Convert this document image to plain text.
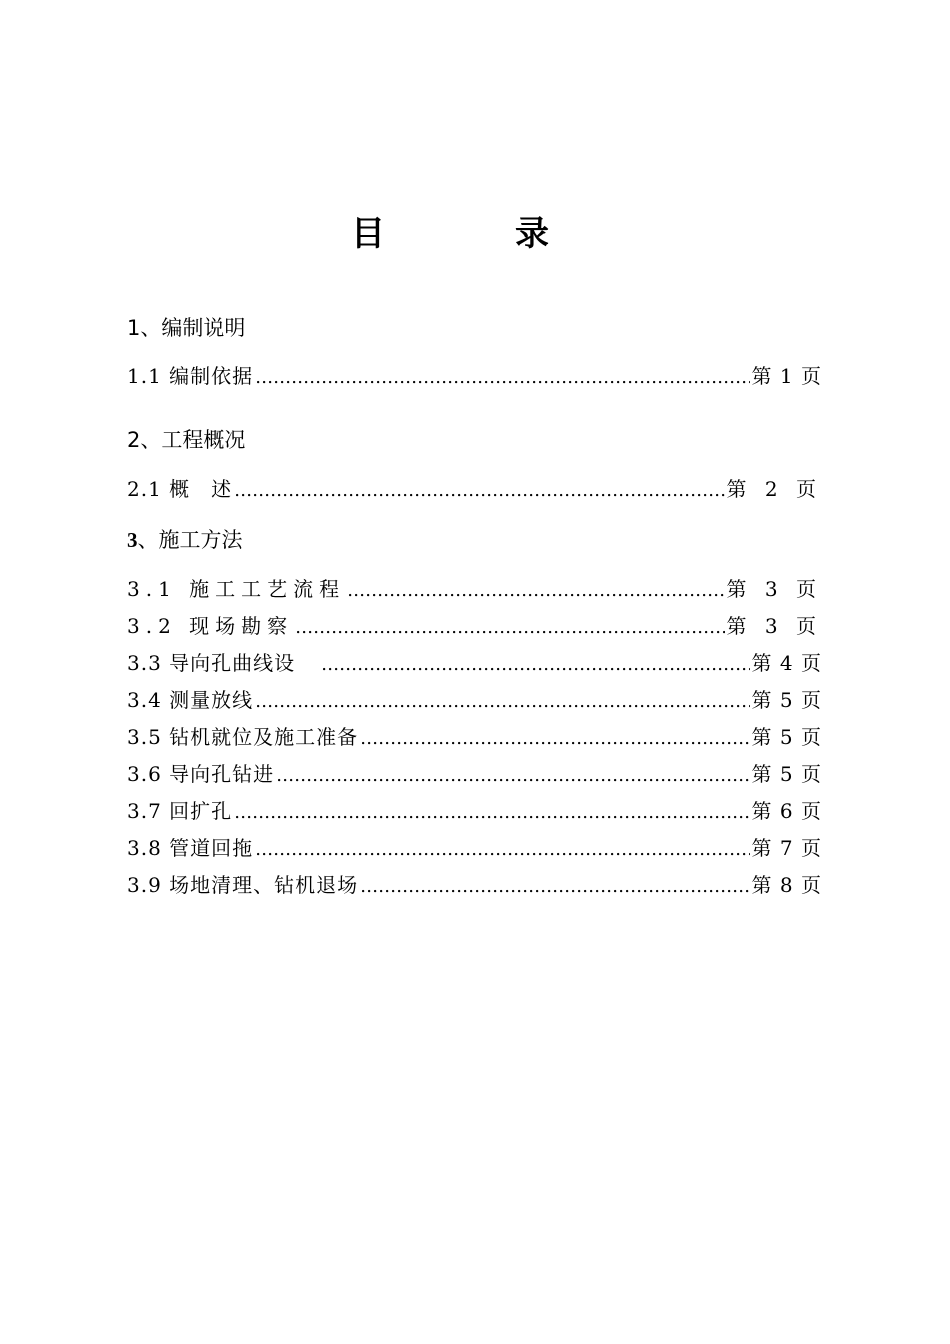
目　录
1、编制说明
1.1 编制依据 ………………………………………………………………………………………………………………………………………………………………………………………………	第 1 页
2、工程概况
2.1 概　述 ………………………………………………………………………………………………………………………………………………………………………………………………	第 2 页
3、施工方法
3.1 施工工艺流程 ………………………………………………………………………………………………………………………………………………………………………………………………	第 3 页
3.2 现场勘察 ………………………………………………………………………………………………………………………………………………………………………………………………	第 3 页
3.3 导向孔曲线设 ………………………………………………………………………………………………………………………………………………………………………………………………	第 4 页
3.4 测量放线 ………………………………………………………………………………………………………………………………………………………………………………………………	第 5 页
3.5 钻机就位及施工准备 ………………………………………………………………………………………………………………………………………………………………………………………………	第 5 页
3.6 导向孔钻进 ………………………………………………………………………………………………………………………………………………………………………………………………	第 5 页
3.7 回扩孔 ………………………………………………………………………………………………………………………………………………………………………………………………	第 6 页
3.8 管道回拖 ………………………………………………………………………………………………………………………………………………………………………………………………	第 7 页
3.9 场地清理、钻机退场 ………………………………………………………………………………………………………………………………………………………………………………………………	第 8 页
